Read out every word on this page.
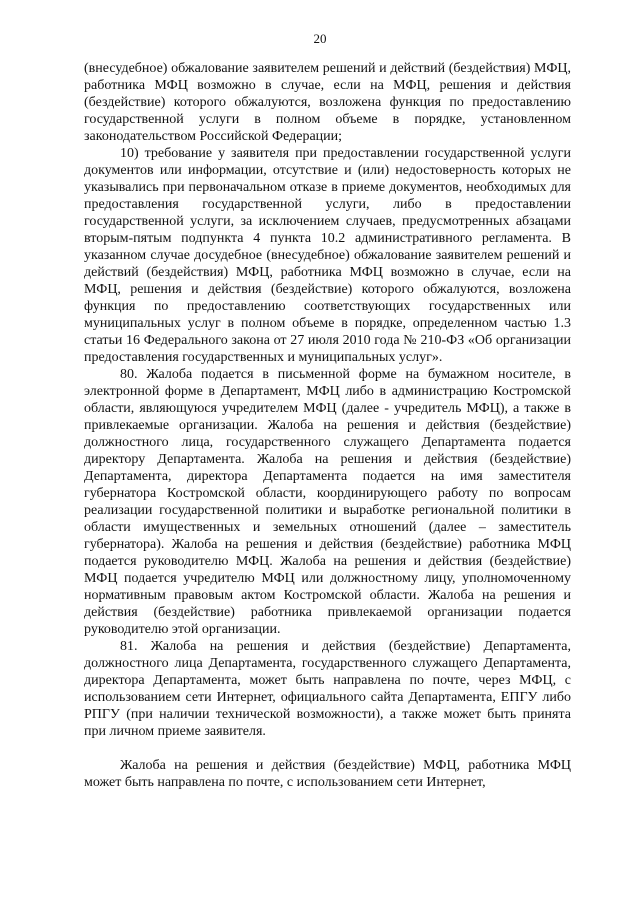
20

(внесудебное) обжалование заявителем решений и действий (бездействия) МФЦ, работника МФЦ возможно в случае, если на МФЦ, решения и действия (бездействие) которого обжалуются, возложена функция по предоставлению государственной услуги в полном объеме в порядке, установленном законодательством Российской Федерации;

10) требование у заявителя при предоставлении государственной услуги документов или информации, отсутствие и (или) недостоверность которых не указывались при первоначальном отказе в приеме документов, необходимых для предоставления государственной услуги, либо в предоставлении государственной услуги, за исключением случаев, предусмотренных абзацами вторым-пятым подпункта 4 пункта 10.2 административного регламента. В указанном случае досудебное (внесудебное) обжалование заявителем решений и действий (бездействия) МФЦ, работника МФЦ возможно в случае, если на МФЦ, решения и действия (бездействие) которого обжалуются, возложена функция по предоставлению соответствующих государственных или муниципальных услуг в полном объеме в порядке, определенном частью 1.3 статьи 16 Федерального закона от 27 июля 2010 года № 210-ФЗ «Об организации предоставления государственных и муниципальных услуг».

80. Жалоба подается в письменной форме на бумажном носителе, в электронной форме в Департамент, МФЦ либо в администрацию Костромской области, являющуюся учредителем МФЦ (далее - учредитель МФЦ), а также в привлекаемые организации. Жалоба на решения и действия (бездействие) должностного лица, государственного служащего Департамента подается директору Департамента. Жалоба на решения и действия (бездействие) Департамента, директора Департамента подается на имя заместителя губернатора Костромской области, координирующего работу по вопросам реализации государственной политики и выработке региональной политики в области имущественных и земельных отношений (далее – заместитель губернатора). Жалоба на решения и действия (бездействие) работника МФЦ подается руководителю МФЦ. Жалоба на решения и действия (бездействие) МФЦ подается учредителю МФЦ или должностному лицу, уполномоченному нормативным правовым актом Костромской области. Жалоба на решения и действия (бездействие) работника привлекаемой организации подается руководителю этой организации.

81. Жалоба на решения и действия (бездействие) Департамента, должностного лица Департамента, государственного служащего Департамента, директора Департамента, может быть направлена по почте, через МФЦ, с использованием сети Интернет, официального сайта Департамента, ЕПГУ либо РПГУ (при наличии технической возможности), а также может быть принята при личном приеме заявителя.

Жалоба на решения и действия (бездействие) МФЦ, работника МФЦ может быть направлена по почте, с использованием сети Интернет,
